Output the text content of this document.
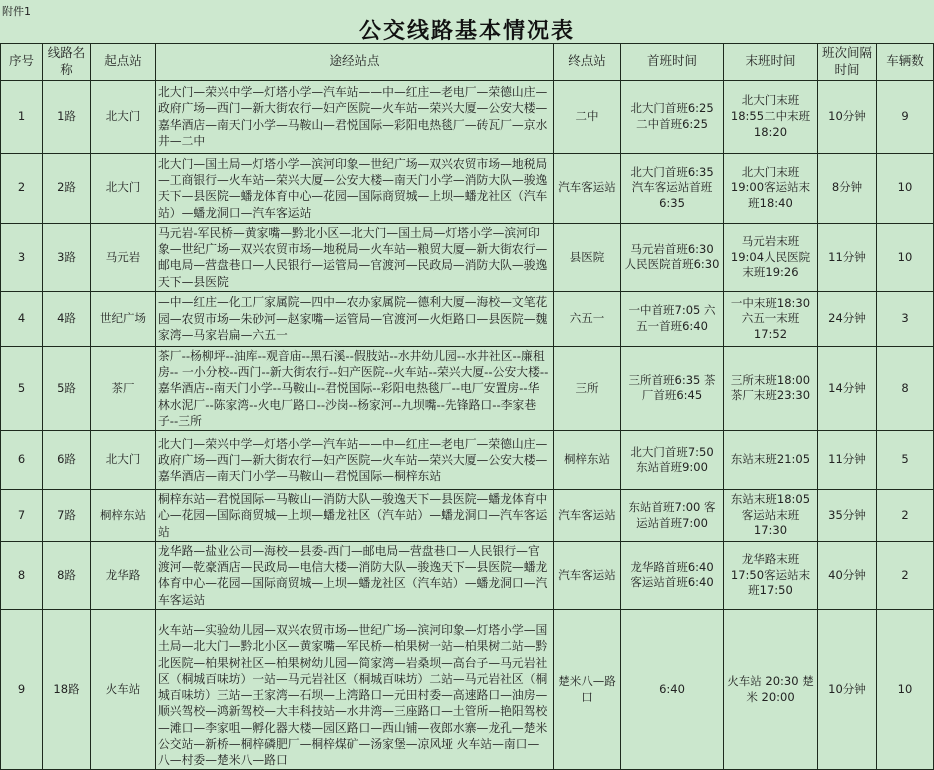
附件1
公交线路基本情况表
序号	线路名称	起点站	途经站点	终点站	首班时间	末班时间	班次间隔时间	车辆数
1	1路	北大门	北大门—荣兴中学—灯塔小学—汽车站——中—红庄—老电厂—荣德山庄—政府广场—西门—新大街农行—妇产医院—火车站—荣兴大厦—公安大楼—嘉华酒店—南天门小学—马鞍山—君悦国际—彩阳电热毯厂—砖瓦厂—京水井—二中	二中	北大门首班6:25 二中首班6:25	北大门末班 18:55二中末班 18:20	10分钟	9
2	2路	北大门	北大门—国土局—灯塔小学—滨河印象—世纪广场—双兴农贸市场—地税局—工商银行—火车站—荣兴大厦—公安大楼—南天门小学—消防大队—骏逸天下—县医院—蟠龙体育中心—花园—国际商贸城—上坝—蟠龙社区（汽车站）—蟠龙洞口—汽车客运站	汽车客运站	北大门首班6:35 汽车客运站首班 6:35	北大门末班 19:00客运站末 班18:40	8分钟	10
3	3路	马元岩	马元岩-军民桥—黄家嘴—黔北小区—北大门—国土局—灯塔小学—滨河印象—世纪广场—双兴农贸市场—地税局—火车站—粮贸大厦—新大街农行—邮电局—营盘巷口—人民银行—运管局—官渡河—民政局—消防大队—骏逸天下—县医院	县医院	马元岩首班6:30 人民医院首班6:30	马元岩末班 19:04人民医院 末班19:26	11分钟	10
4	4路	世纪广场	—中—红庄—化工厂家属院—四中—农办家属院—德利大厦—海校—文笔花园—农贸市场—朱砂河—赵家嘴—运管局—官渡河—火炬路口—县医院—魏家湾—马家岩扁—六五一	六五一	一中首班7:05 六五一首班6:40	一中末班18:30 六五一末班 17:52	24分钟	3
5	5路	茶厂	茶厂--杨柳坪--油库--观音庙--黑石溪--假肢站--水井幼儿园--水井社区--廉租房-- 一小分校--西门--新大街农行--妇产医院--火车站--荣兴大厦--公安大楼--嘉华酒店--南天门小学--马鞍山--君悦国际--彩阳电热毯厂--电厂安置房--华林水泥厂--陈家湾--火电厂路口--沙岗--杨家河--九坝嘴--先锋路口--李家巷子--三所	三所	三所首班6:35 茶厂首班6:45	三所末班18:00 茶厂末班23:30	14分钟	8
6	6路	北大门	北大门—荣兴中学—灯塔小学—汽车站——中—红庄—老电厂—荣德山庄—政府广场—西门—新大街农行—妇产医院—火车站—荣兴大厦—公安大楼—嘉华酒店—南天门小学—马鞍山—君悦国际—桐梓东站	桐梓东站	北大门首班7:50 东站首班9:00	东站末班21:05	11分钟	5
7	7路	桐梓东站	桐梓东站—君悦国际—马鞍山—消防大队—骏逸天下—县医院—蟠龙体育中心—花园—国际商贸城—上坝—蟠龙社区（汽车站）—蟠龙洞口—汽车客运站	汽车客运站	东站首班7:00 客运站首班7:00	东站末班18:05 客运站末班 17:30	35分钟	2
8	8路	龙华路	龙华路—盐业公司—海校—县委-西门—邮电局—营盘巷口—人民银行—官渡河—乾豪酒店—民政局—电信大楼—消防大队—骏逸天下—县医院—蟠龙体育中心—花园—国际商贸城—上坝—蟠龙社区（汽车站）—蟠龙洞口—汽车客运站	汽车客运站	龙华路首班6:40 客运站首班6:40	龙华路末班 17:50客运站末 班17:50	40分钟	2
9	18路	火车站	火车站—实验幼儿园—双兴农贸市场—世纪广场—滨河印象—灯塔小学—国土局—北大门—黔北小区—黄家嘴—军民桥—柏果树一站—柏果树二站—黔北医院—柏果树社区—柏果树幼儿园—简家湾—岩桑坝—高台子—马元岩社区（桐城百味坊）一站—马元岩社区（桐城百味坊）二站—马元岩社区（桐城百味坊）三站—王家湾—石坝—上湾路口—元田村委—高速路口—油房—顺兴驾校—鸿新驾校—大丰科技站—水井湾—三座路口—土管所—艳阳驾校—滩口—李家咀—孵化器大楼—园区路口—西山铺—夜郎水寨—龙孔—楚米公交站—新桥—桐梓磷肥厂—桐梓煤矿—汤家堡—凉风垭 火车站—南口—八—村委—楚米八—路口	楚米八—路口	6:40	火车站 20:30 楚米 20:00	10分钟	10
